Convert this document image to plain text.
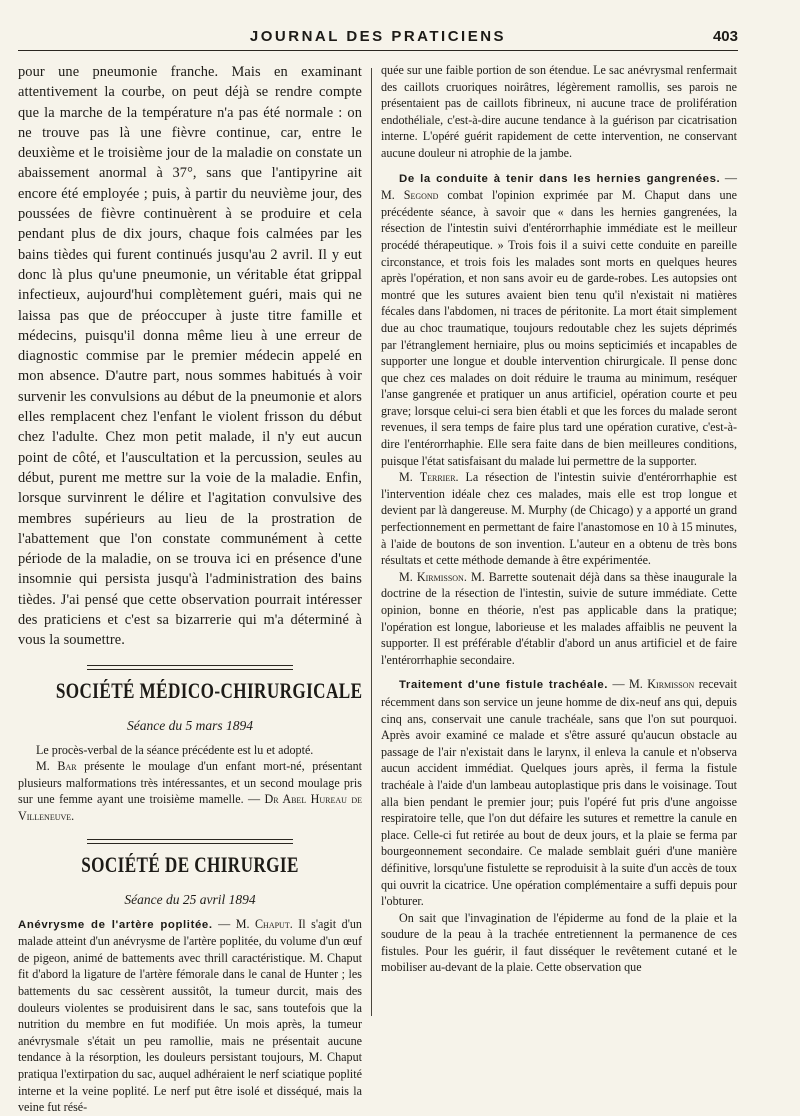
JOURNAL DES PRATICIENS	403

pour une pneumonie franche. Mais en examinant attentivement la courbe, on peut déjà se rendre compte que la marche de la température n'a pas été normale : on ne trouve pas là une fièvre continue, car, entre le deuxième et le troisième jour de la maladie on constate un abaissement anormal à 37°, sans que l'antipyrine ait encore été employée ; puis, à partir du neuvième jour, des poussées de fièvre continuèrent à se produire et cela pendant plus de dix jours, chaque fois calmées par les bains tièdes qui furent continués jusqu'au 2 avril. Il y eut donc là plus qu'une pneumonie, un véritable état grippal infectieux, aujourd'hui complètement guéri, mais qui ne laissa pas que de préoccuper à juste titre famille et médecins, puisqu'il donna même lieu à une erreur de diagnostic commise par le premier médecin appelé en mon absence. D'autre part, nous sommes habitués à voir survenir les convulsions au début de la pneumonie et alors elles remplacent chez l'enfant le violent frisson du début chez l'adulte. Chez mon petit malade, il n'y eut aucun point de côté, et l'auscultation et la percussion, seules au début, purent me mettre sur la voie de la maladie. Enfin, lorsque survinrent le délire et l'agitation convulsive des membres supérieurs au lieu de la prostration de l'abattement que l'on constate communément à cette période de la maladie, on se trouva ici en présence d'une insomnie qui persista jusqu'à l'administration des bains tièdes. J'ai pensé que cette observation pourrait intéresser des praticiens et c'est sa bizarrerie qui m'a déterminé à vous la soumettre.

SOCIÉTÉ MÉDICO-CHIRURGICALE
Séance du 5 mars 1894

Le procès-verbal de la séance précédente est lu et adopté.

M. Bar présente le moulage d'un enfant mort-né, présentant plusieurs malformations très intéressantes, et un second moulage pris sur une femme ayant une troisième mamelle. — Dr Abel Hureau de Villeneuve.

SOCIÉTÉ DE CHIRURGIE
Séance du 25 avril 1894

Anévrysme de l'artère poplitée. — M. Chaput. Il s'agit d'un malade atteint d'un anévrysme de l'artère poplitée, du volume d'un œuf de pigeon, animé de battements avec thrill caractéristique. M. Chaput fit d'abord la ligature de l'artère fémorale dans le canal de Hunter ; les battements du sac cessèrent aussitôt, la tumeur durcit, mais des douleurs violentes se produisirent dans le sac, sans toutefois que la nutrition du membre en fut modifiée. Un mois après, la tumeur anévrysmale s'était un peu ramollie, mais ne présentait aucune tendance à la résorption, les douleurs persistant toujours, M. Chaput pratiqua l'extirpation du sac, auquel adhéraient le nerf sciatique poplité interne et la veine poplité. Le nerf put être isolé et disséqué, mais la veine fut résé-

quée sur une faible portion de son étendue. Le sac anévrysmal renfermait des caillots cruoriques noirâtres, légèrement ramollis, ses parois ne présentaient pas de caillots fibrineux, ni aucune trace de prolifération endothéliale, c'est-à-dire aucune tendance à la guérison par cicatrisation interne. L'opéré guérit rapidement de cette intervention, ne conservant aucune douleur ni atrophie de la jambe.

De la conduite à tenir dans les hernies gangrenées. — M. Segond combat l'opinion exprimée par M. Chaput dans une précédente séance, à savoir que « dans les hernies gangrenées, la résection de l'intestin suivi d'entérorrhaphie immédiate est le meilleur procédé thérapeutique. » Trois fois il a suivi cette conduite en pareille circonstance, et trois fois les malades sont morts en quelques heures après l'opération, et non sans avoir eu de garde-robes. Les autopsies ont montré que les sutures avaient bien tenu qu'il n'existait ni matières fécales dans l'abdomen, ni traces de péritonite. La mort était simplement due au choc traumatique, toujours redoutable chez les sujets déprimés par l'étranglement herniaire, plus ou moins septicimiés et incapables de supporter une longue et double intervention chirurgicale. Il pense donc que chez ces malades on doit réduire le trauma au minimum, reséquer l'anse gangrenée et pratiquer un anus artificiel, opération courte et peu grave; lorsque celui-ci sera bien établi et que les forces du malade seront revenues, il sera temps de faire plus tard une opération curative, c'est-à-dire l'entérorrhaphie. Elle sera faite dans de bien meilleures conditions, puisque l'état satisfaisant du malade lui permettre de la supporter.

M. Terrier. La résection de l'intestin suivie d'entérorrhaphie est l'intervention idéale chez ces malades, mais elle est trop longue et devient par là dangereuse. M. Murphy (de Chicago) y a apporté un grand perfectionnement en permettant de faire l'anastomose en 10 à 15 minutes, à l'aide de boutons de son invention. L'auteur en a obtenu de très bons résultats et cette méthode demande à être expérimentée.

M. Kirmisson. M. Barrette soutenait déjà dans sa thèse inaugurale la doctrine de la résection de l'intestin, suivie de suture immédiate. Cette opinion, bonne en théorie, n'est pas applicable dans la pratique; l'opération est longue, laborieuse et les malades affaiblis ne peuvent la supporter. Il est préférable d'établir d'abord un anus artificiel et de faire l'entérorrhaphie secondaire.

Traitement d'une fistule trachéale. — M. Kirmisson recevait récemment dans son service un jeune homme de dix-neuf ans qui, depuis cinq ans, conservait une canule trachéale, sans que l'on sut pourquoi. Après avoir examiné ce malade et s'être assuré qu'aucun obstacle au passage de l'air n'existait dans le larynx, il enleva la canule et n'observa aucun accident immédiat. Quelques jours après, il ferma la fistule trachéale à l'aide d'un lambeau autoplastique pris dans le voisinage. Tout alla bien pendant le premier jour; puis l'opéré fut pris d'une angoisse respiratoire telle, que l'on dut défaire les sutures et remettre la canule en place. Celle-ci fut retirée au bout de deux jours, et la plaie se ferma par bourgeonnement secondaire. Ce malade semblait guéri d'une manière définitive, lorsqu'une fistulette se reproduisit à la suite d'un accès de toux qui ouvrit la cicatrice. Une opération complémentaire a suffi depuis pour l'obturer.

On sait que l'invagination de l'épiderme au fond de la plaie et la soudure de la peau à la trachée entretiennent la permanence de ces fistules. Pour les guérir, il faut disséquer le revêtement cutané et le mobiliser au-devant de la plaie. Cette observation que
